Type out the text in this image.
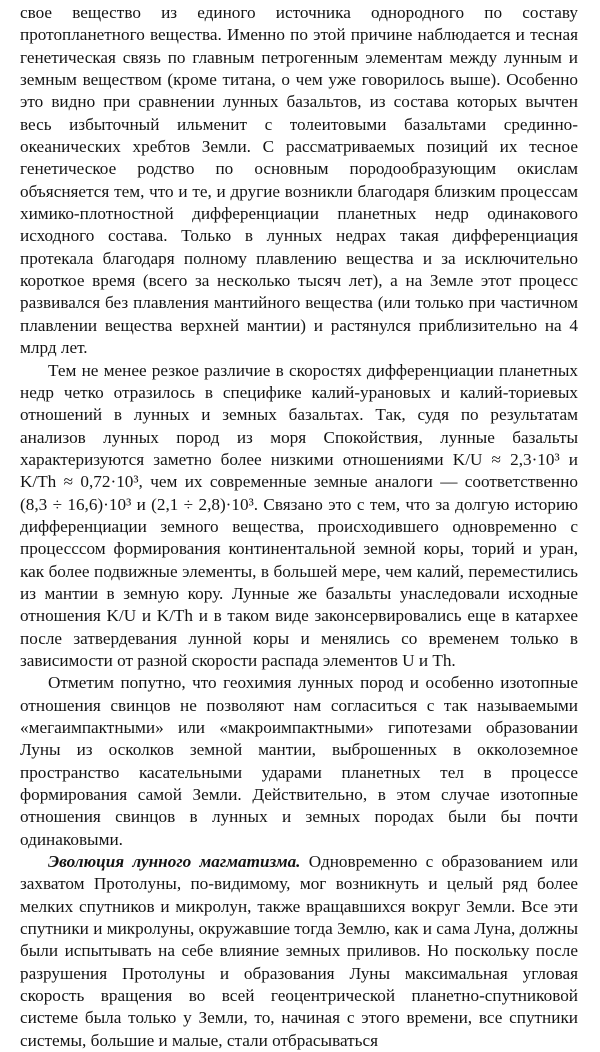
свое вещество из единого источника однородного по составу протопланетного вещества. Именно по этой причине наблюдается и тесная генетическая связь по главным петрогенным элементам между лунным и земным веществом (кроме титана, о чем уже говорилось выше). Особенно это видно при сравнении лунных базальтов, из состава которых вычтен весь избыточный ильменит с толеитовыми базальтами срединно-океанических хребтов Земли. С рассматриваемых позиций их тесное генетическое родство по основным породообразующим окислам объясняется тем, что и те, и другие возникли благодаря близким процессам химико-плотностной дифференциации планетных недр одинакового исходного состава. Только в лунных недрах такая дифференциация протекала благодаря полному плавлению вещества и за исключительно короткое время (всего за несколько тысяч лет), а на Земле этот процесс развивался без плавления мантийного вещества (или только при частичном плавлении вещества верхней мантии) и растянулся приблизительно на 4 млрд лет.

Тем не менее резкое различие в скоростях дифференциации планетных недр четко отразилось в специфике калий-урановых и калий-ториевых отношений в лунных и земных базальтах. Так, судя по результатам анализов лунных пород из моря Спокойствия, лунные базальты характеризуются заметно более низкими отношениями K/U ≈ 2,3·10³ и K/Th ≈ 0,72·10³, чем их современные земные аналоги — соответственно (8,3 ÷ 16,6)·10³ и (2,1 ÷ 2,8)·10³. Связано это с тем, что за долгую историю дифференциации земного вещества, происходившего одновременно с процесссом формирования континентальной земной коры, торий и уран, как более подвижные элементы, в большей мере, чем калий, переместились из мантии в земную кору. Лунные же базальты унаследовали исходные отношения K/U и K/Th и в таком виде законсервировались еще в катархее после затвердевания лунной коры и менялись со временем только в зависимости от разной скорости распада элементов U и Th.

Отметим попутно, что геохимия лунных пород и особенно изотопные отношения свинцов не позволяют нам согласиться с так называемыми «мегаимпактными» или «макроимпактными» гипотезами образовании Луны из осколков земной мантии, выброшенных в окколоземное пространство касательными ударами планетных тел в процессе формирования самой Земли. Действительно, в этом случае изотопные отношения свинцов в лунных и земных породах были бы почти одинаковыми.

Эволюция лунного магматизма. Одновременно с образованием или захватом Протолуны, по-видимому, мог возникнуть и целый ряд более мелких спутников и микролун, также вращавшихся вокруг Земли. Все эти спутники и микролуны, окружавшие тогда Землю, как и сама Луна, должны были испытывать на себе влияние земных приливов. Но поскольку после разрушения Протолуны и образования Луны максимальная угловая скорость вращения во всей геоцентрической планетно-спутниковой системе была только у Земли, то, начиная с этого времени, все спутники системы, большие и малые, стали отбрасываться
